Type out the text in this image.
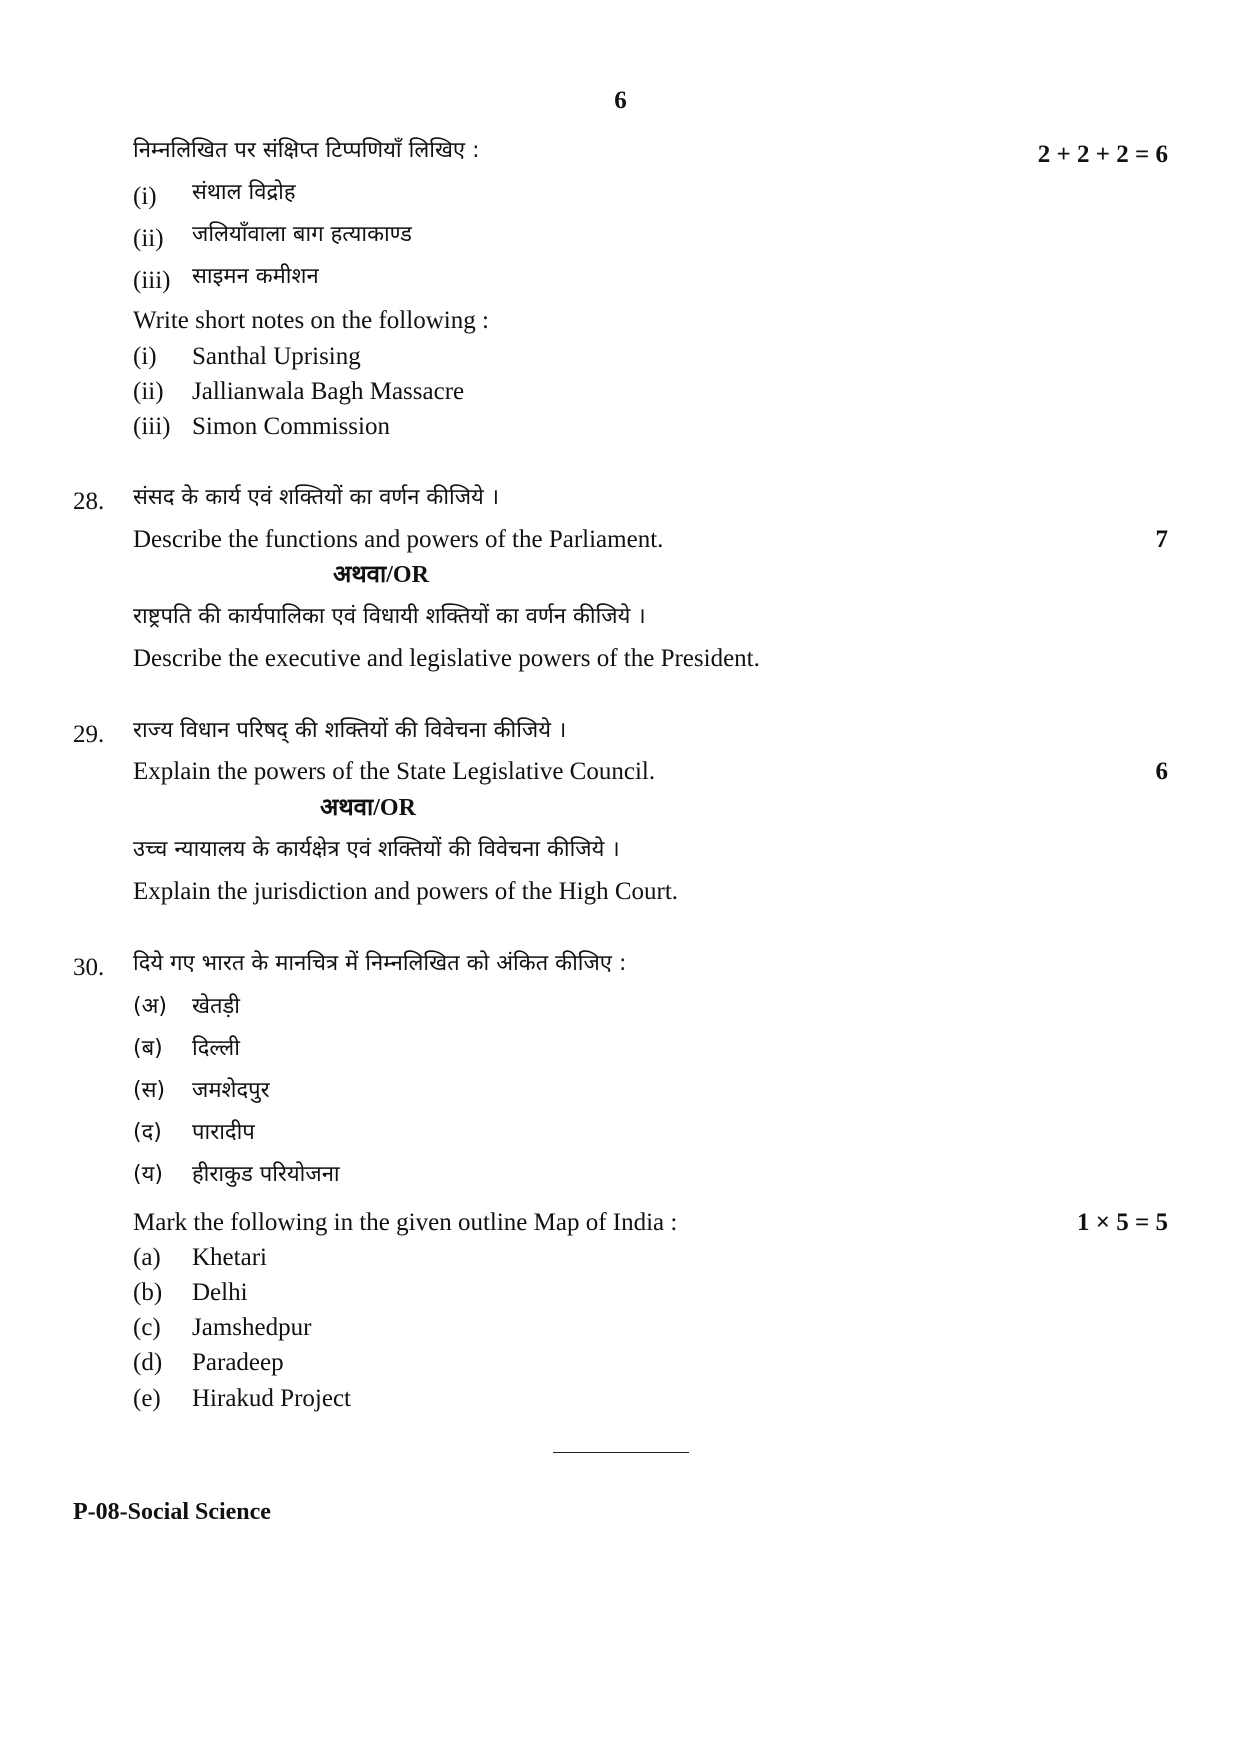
6
निम्नलिखित पर संक्षिप्त टिप्पणियाँ लिखिए :	2 + 2 + 2 = 6
(i)	संथाल विद्रोह
(ii)	जलियाँवाला बाग हत्याकाण्ड
(iii) साइमन कमीशन
Write short notes on the following :
(i)	Santhal Uprising
(ii)	Jallianwala Bagh Massacre
(iii) Simon Commission
28. संसद के कार्य एवं शक्तियों का वर्णन कीजिये ।
Describe the functions and powers of the Parliament.	7
अथवा/OR
राष्ट्रपति की कार्यपालिका एवं विधायी शक्तियों का वर्णन कीजिये ।
Describe the executive and legislative powers of the President.
29. राज्य विधान परिषद् की शक्तियों की विवेचना कीजिये ।
Explain the powers of the State Legislative Council.	6
अथवा/OR
उच्च न्यायालय के कार्यक्षेत्र एवं शक्तियों की विवेचना कीजिये ।
Explain the jurisdiction and powers of the High Court.
30. दिये गए भारत के मानचित्र में निम्नलिखित को अंकित कीजिए :
(अ)	खेतड़ी
(ब)	दिल्ली
(स)	जमशेदपुर
(द)	पारादीप
(य)	हीराकुड परियोजना
Mark the following in the given outline Map of India :	1 × 5 = 5
(a)	Khetari
(b)	Delhi
(c)	Jamshedpur
(d)	Paradeep
(e)	Hirakud Project
P-08-Social Science
